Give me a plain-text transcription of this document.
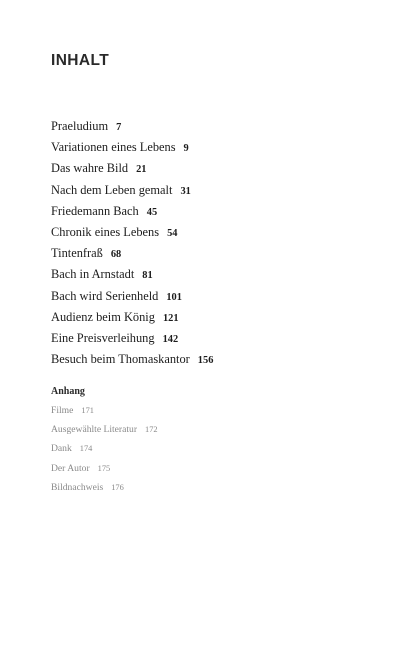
INHALT
Praeludium 7
Variationen eines Lebens 9
Das wahre Bild 21
Nach dem Leben gemalt 31
Friedemann Bach 45
Chronik eines Lebens 54
Tintenfraß 68
Bach in Arnstadt 81
Bach wird Serienheld 101
Audienz beim König 121
Eine Preisverleihung 142
Besuch beim Thomaskantor 156
Anhang
Filme 171
Ausgewählte Literatur 172
Dank 174
Der Autor 175
Bildnachweis 176
